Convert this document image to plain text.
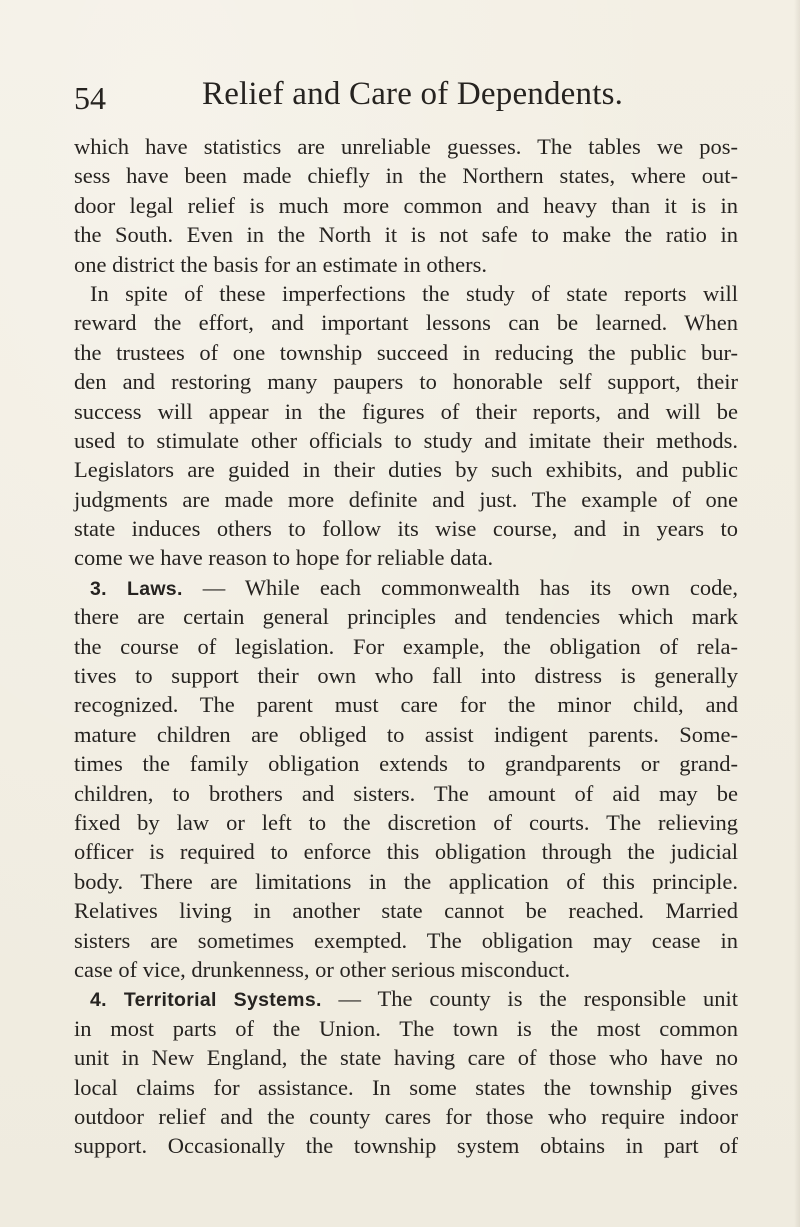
54	Relief and Care of Dependents.
which have statistics are unreliable guesses. The tables we pos-
sess have been made chiefly in the Northern states, where out-
door legal relief is much more common and heavy than it is in
the South. Even in the North it is not safe to make the ratio in
one district the basis for an estimate in others.
In spite of these imperfections the study of state reports will
reward the effort, and important lessons can be learned. When
the trustees of one township succeed in reducing the public bur-
den and restoring many paupers to honorable self support, their
success will appear in the figures of their reports, and will be
used to stimulate other officials to study and imitate their methods.
Legislators are guided in their duties by such exhibits, and public
judgments are made more definite and just. The example of one
state induces others to follow its wise course, and in years to
come we have reason to hope for reliable data.
3. Laws. — While each commonwealth has its own code,
there are certain general principles and tendencies which mark
the course of legislation. For example, the obligation of rela-
tives to support their own who fall into distress is generally
recognized. The parent must care for the minor child, and
mature children are obliged to assist indigent parents. Some-
times the family obligation extends to grandparents or grand-
children, to brothers and sisters. The amount of aid may be
fixed by law or left to the discretion of courts. The relieving
officer is required to enforce this obligation through the judicial
body. There are limitations in the application of this principle.
Relatives living in another state cannot be reached. Married
sisters are sometimes exempted. The obligation may cease in
case of vice, drunkenness, or other serious misconduct.
4. Territorial Systems. — The county is the responsible unit
in most parts of the Union. The town is the most common
unit in New England, the state having care of those who have no
local claims for assistance. In some states the township gives
outdoor relief and the county cares for those who require indoor
support. Occasionally the township system obtains in part of
